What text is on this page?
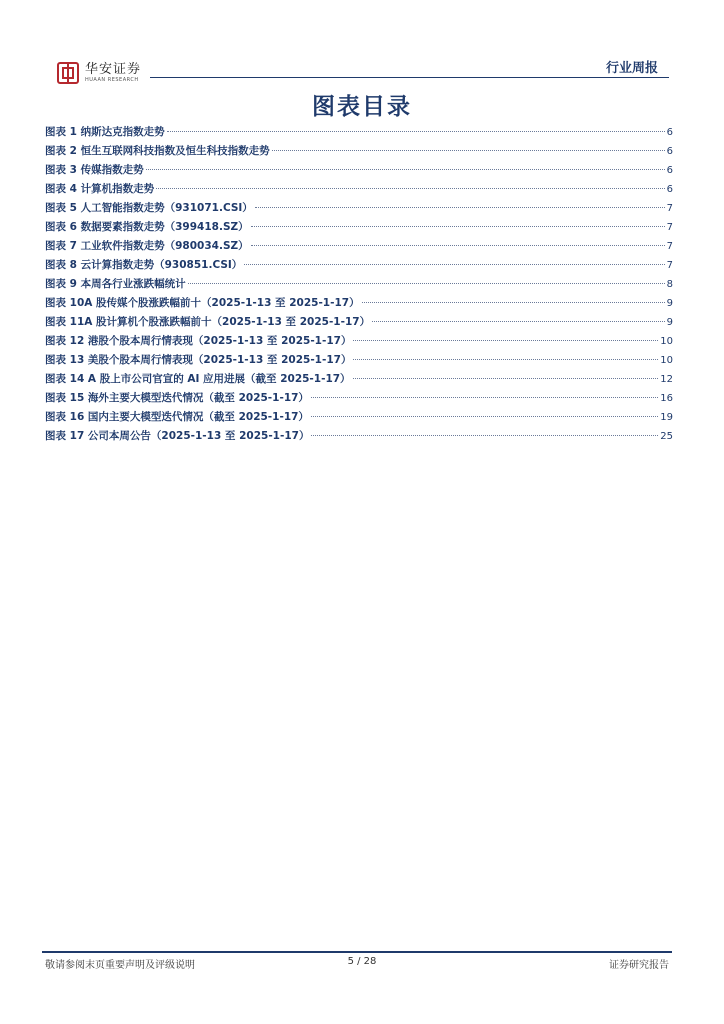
华安证券
HUAAN RESEARCH
行业周报
图表目录
图表 1 纳斯达克指数走势	6
图表 2 恒生互联网科技指数及恒生科技指数走势	6
图表 3 传媒指数走势	6
图表 4 计算机指数走势	6
图表 5 人工智能指数走势（931071.CSI）	7
图表 6 数据要素指数走势（399418.SZ）	7
图表 7 工业软件指数走势（980034.SZ）	7
图表 8 云计算指数走势（930851.CSI）	7
图表 9 本周各行业涨跌幅统计	8
图表 10A 股传媒个股涨跌幅前十（2025-1-13 至 2025-1-17）	9
图表 11A 股计算机个股涨跌幅前十（2025-1-13 至 2025-1-17）	9
图表 12 港股个股本周行情表现（2025-1-13 至 2025-1-17）	10
图表 13 美股个股本周行情表现（2025-1-13 至 2025-1-17）	10
图表 14 A 股上市公司官宣的 AI 应用进展（截至 2025-1-17）	12
图表 15 海外主要大模型迭代情况（截至 2025-1-17）	16
图表 16 国内主要大模型迭代情况（截至 2025-1-17）	19
图表 17 公司本周公告（2025-1-13 至 2025-1-17）	25
敬请参阅末页重要声明及评级说明	5 / 28	证券研究报告
